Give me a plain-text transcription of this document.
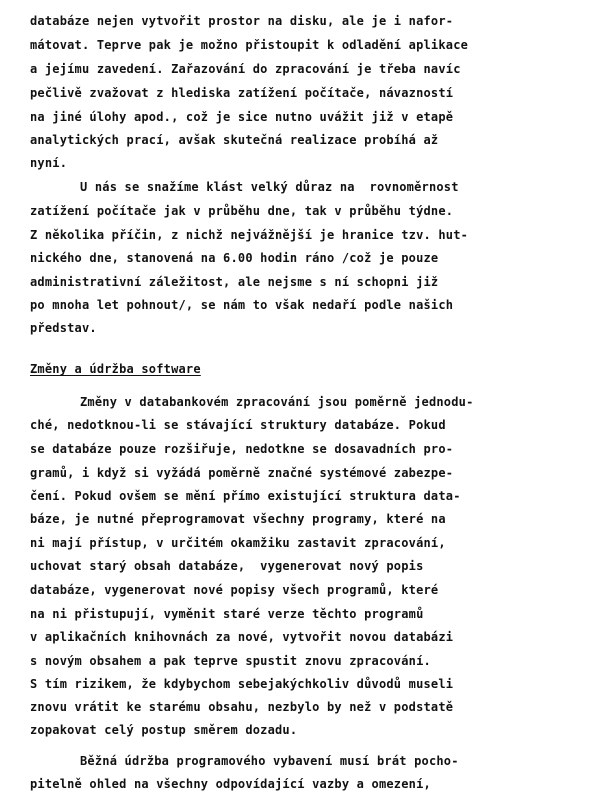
databáze nejen vytvořit prostor na disku, ale je i nafor-
mátovat. Teprve pak je možno přistoupit k odladění aplikace
a jejímu zavedení. Zařazování do zpracování je třeba navíc
pečlivě zvažovat z hlediska zatížení počítače, návazností
na jiné úlohy apod., což je sice nutno uvážit již v etapě
analytických prací, avšak skutečná realizace probíhá až
nyní.
U nás se snažíme klást velký důraz na  rovnoměrnost
zatížení počítače jak v průběhu dne, tak v průběhu týdne.
Z několika příčin, z nichž nejvážnější je hranice tzv. hut-
nického dne, stanovená na 6.00 hodin ráno /což je pouze
administrativní záležitost, ale nejsme s ní schopni již
po mnoha let pohnout/, se nám to však nedaří podle našich
představ.
Změny a údržba software
Změny v databankovém zpracování jsou poměrně jednodu-
ché, nedotknou-li se stávající struktury databáze. Pokud
se databáze pouze rozšiřuje, nedotkne se dosavadních pro-
gramů, i když si vyžádá poměrně značné systémové zabezpe-
čení. Pokud ovšem se mění přímo existující struktura data-
báze, je nutné přeprogramovat všechny programy, které na
ni mají přístup, v určitém okamžiku zastavit zpracování,
uchovat starý obsah databáze,  vygenerovat nový popis
databáze, vygenerovat nové popisy všech programů, které
na ni přistupují, vyměnit staré verze těchto programů
v aplikačních knihovnách za nové, vytvořit novou databázi
s novým obsahem a pak teprve spustit znovu zpracování.
S tím rizikem, že kdybychom sebejakýchkoliv důvodů museli
znovu vrátit ke starému obsahu, nezbylo by než v podstatě
zopakovat celý postup směrem dozadu.
Běžná údržba programového vybavení musí brát pocho-
pitelně ohled na všechny odpovídající vazby a omezení,
